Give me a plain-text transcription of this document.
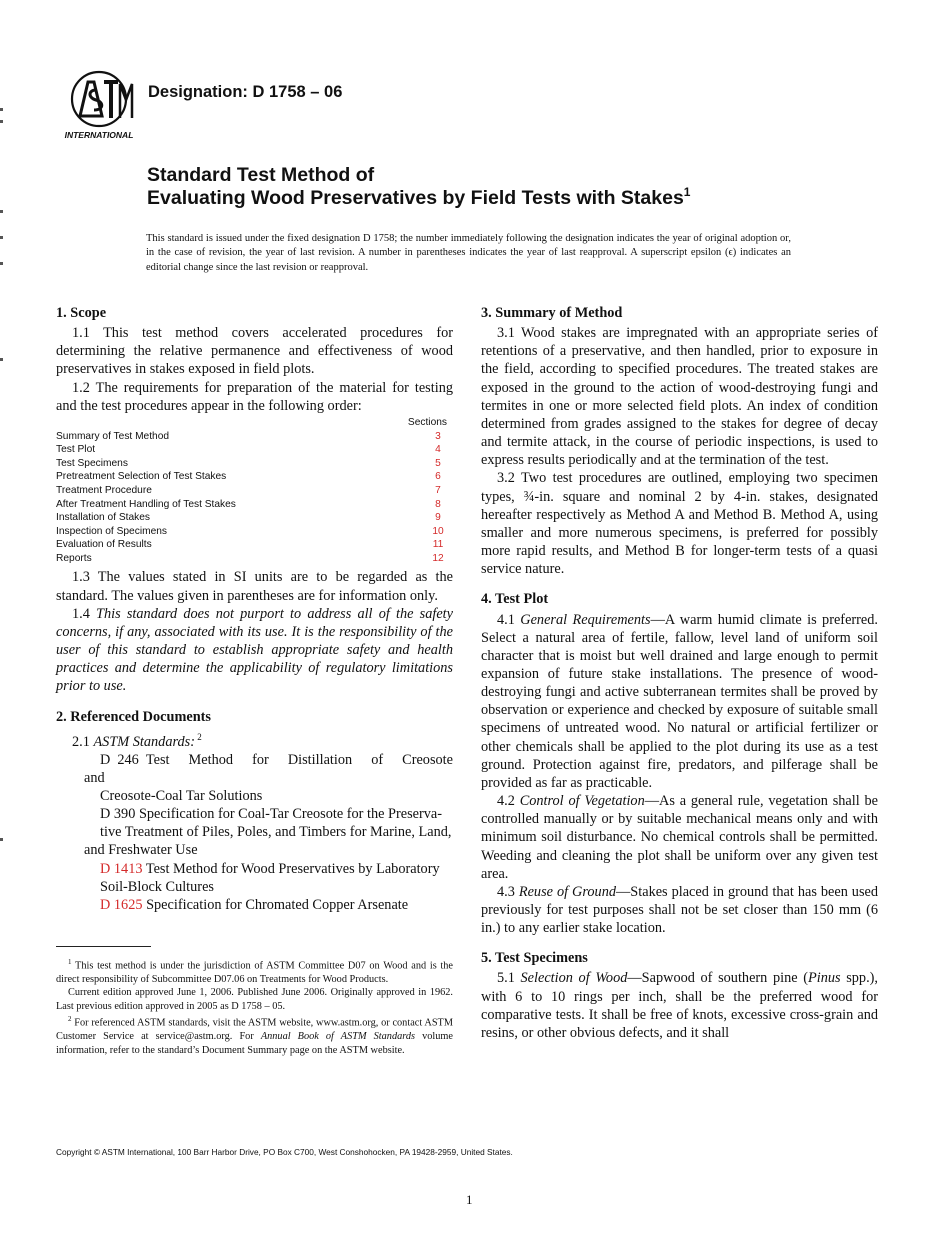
INTERNATIONAL
Designation: D 1758 – 06
Standard Test Method of
Evaluating Wood Preservatives by Field Tests with Stakes$^1$
This standard is issued under the fixed designation D 1758; the number immediately following the designation indicates the year of original adoption or, in the case of revision, the year of last revision. A number in parentheses indicates the year of last reapproval. A superscript epsilon (ϵ) indicates an editorial change since the last revision or reapproval.
1. Scope

1.1 This test method covers accelerated procedures for determining the relative permanence and effectiveness of wood preservatives in stakes exposed in field plots.

1.2 The requirements for preparation of the material for testing and the test procedures appear in the following order:

Sections
Summary of Test Method	3
Test Plot	4
Test Specimens	5
Pretreatment Selection of Test Stakes	6
Treatment Procedure	7
After Treatment Handling of Test Stakes	8
Installation of Stakes	9
Inspection of Specimens	10
Evaluation of Results	11
Reports	12

1.3 The values stated in SI units are to be regarded as the standard. The values given in parentheses are for information only.

1.4 This standard does not purport to address all of the safety concerns, if any, associated with its use. It is the responsibility of the user of this standard to establish appropriate safety and health practices and determine the applicability of regulatory limitations prior to use.

2. Referenced Documents

2.1 ASTM Standards: $^2$

D 246 Test Method for Distillation of Creosote and

Creosote-Coal Tar Solutions

D 390 Specification for Coal-Tar Creosote for the Preserva-

tive Treatment of Piles, Poles, and Timbers for Marine, Land, and Freshwater Use

D 1413 Test Method for Wood Preservatives by Laboratory

Soil-Block Cultures

D 1625 Specification for Chromated Copper Arsenate

$^1$ This test method is under the jurisdiction of ASTM Committee D07 on Wood and is the direct responsibility of Subcommittee D07.06 on Treatments for Wood Products.

Current edition approved June 1, 2006. Published June 2006. Originally approved in 1962. Last previous edition approved in 2005 as D 1758 – 05.

$^2$ For referenced ASTM standards, visit the ASTM website, www.astm.org, or contact ASTM Customer Service at service@astm.org. For Annual Book of ASTM Standards volume information, refer to the standard’s Document Summary page on the ASTM website.

3. Summary of Method

3.1 Wood stakes are impregnated with an appropriate series of retentions of a preservative, and then handled, prior to exposure in the field, according to specified procedures. The treated stakes are exposed in the ground to the action of wood-destroying fungi and termites in one or more selected field plots. An index of condition determined from grades assigned to the stakes for degree of decay and termite attack, in the course of periodic inspections, is used to express results periodically and at the termination of the test.

3.2 Two test procedures are outlined, employing two specimen types, ¾-in. square and nominal 2 by 4-in. stakes, designated hereafter respectively as Method A and Method B. Method A, using smaller and more numerous specimens, is preferred for possibly more rapid results, and Method B for longer-term tests of a quasi service nature.

4. Test Plot

4.1 General Requirements—A warm humid climate is preferred. Select a natural area of fertile, fallow, level land of uniform soil character that is moist but well drained and large enough to permit expansion of future stake installations. The presence of wood-destroying fungi and active subterranean termites shall be proved by observation or experience and checked by exposure of suitable small specimens of untreated wood. No natural or artificial fertilizer or other chemicals shall be applied to the plot during its use as a test ground. Protection against fire, predators, and pilferage shall be provided as far as practicable.

4.2 Control of Vegetation—As a general rule, vegetation shall be controlled manually or by suitable mechanical means only and with minimum soil disturbance. No chemical controls shall be permitted. Weeding and cleaning the plot shall be uniform over any given test area.

4.3 Reuse of Ground—Stakes placed in ground that has been used previously for test purposes shall not be set closer than 150 mm (6 in.) to any earlier stake location.

5. Test Specimens

5.1 Selection of Wood—Sapwood of southern pine (Pinus spp.), with 6 to 10 rings per inch, shall be the preferred wood for comparative tests. It shall be free of knots, excessive cross-grain and resins, or other obvious defects, and it shall

Copyright © ASTM International, 100 Barr Harbor Drive, PO Box C700, West Conshohocken, PA 19428-2959, United States.
1
